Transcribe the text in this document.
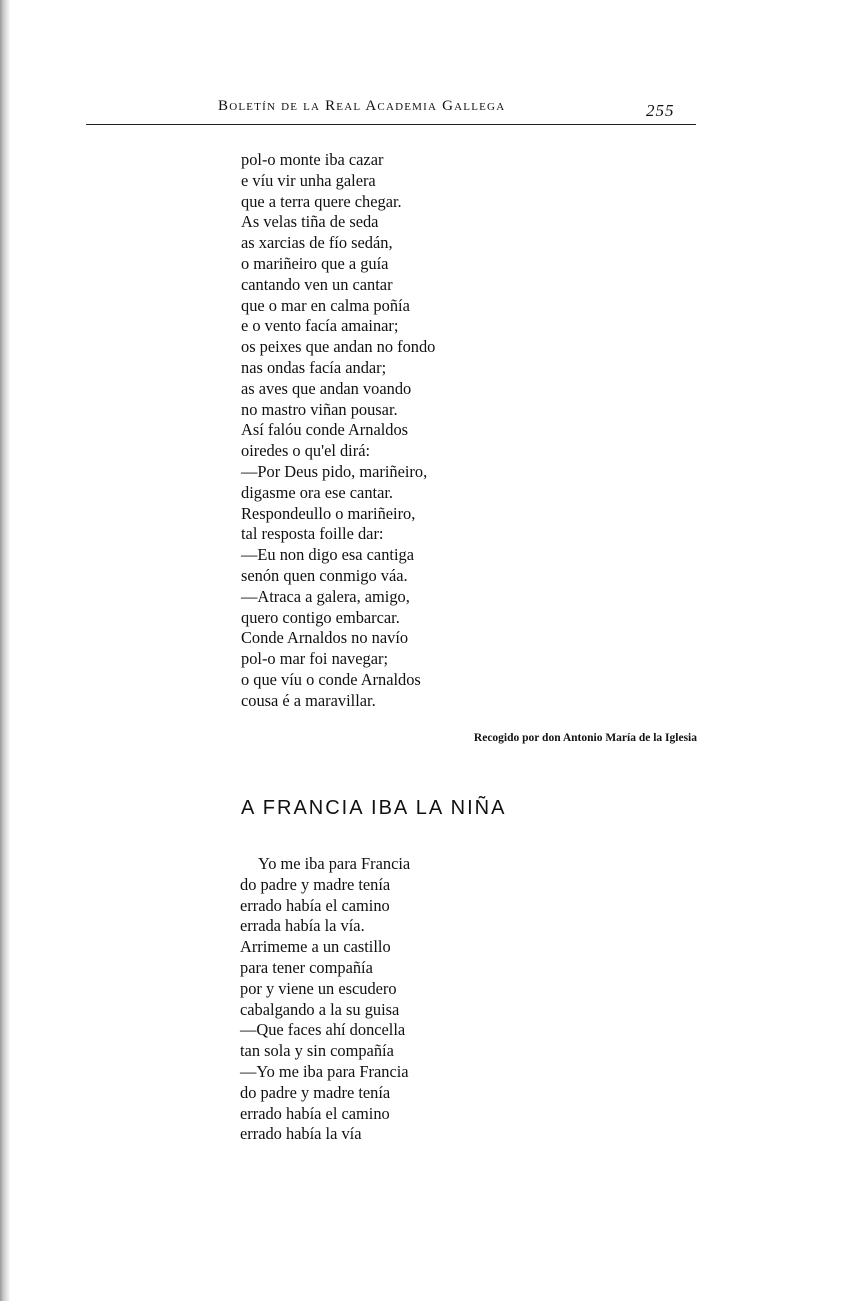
Boletín de la Real Academia Gallega	255
pol-o monte iba cazar
e víu vir unha galera
que a terra quere chegar.
As velas tiña de seda
as xarcias de fío sedán,
o mariñeiro que a guía
cantando ven un cantar
que o mar en calma poñía
e o vento facía amainar;
os peixes que andan no fondo
nas ondas facía andar;
as aves que andan voando
no mastro viñan pousar.
Así falóu conde Arnaldos
oiredes o qu'el dirá:
—Por Deus pido, mariñeiro,
digasme ora ese cantar.
Respondeullo o mariñeiro,
tal resposta foille dar:
—Eu non digo esa cantiga
senón quen conmigo váa.
—Atraca a galera, amigo,
quero contigo embarcar.
Conde Arnaldos no navío
pol-o mar foi navegar;
o que víu o conde Arnaldos
cousa é a maravillar.
Recogido por don Antonio María de la Iglesia
A FRANCIA IBA LA NIÑA
Yo me iba para Francia
do padre y madre tenía
errado había el camino
errada había la vía.
Arrimeme a un castillo
para tener compañía
por y viene un escudero
cabalgando a la su guisa
—Que faces ahí doncella
tan sola y sin compañía
—Yo me iba para Francia
do padre y madre tenía
errado había el camino
errado había la vía
